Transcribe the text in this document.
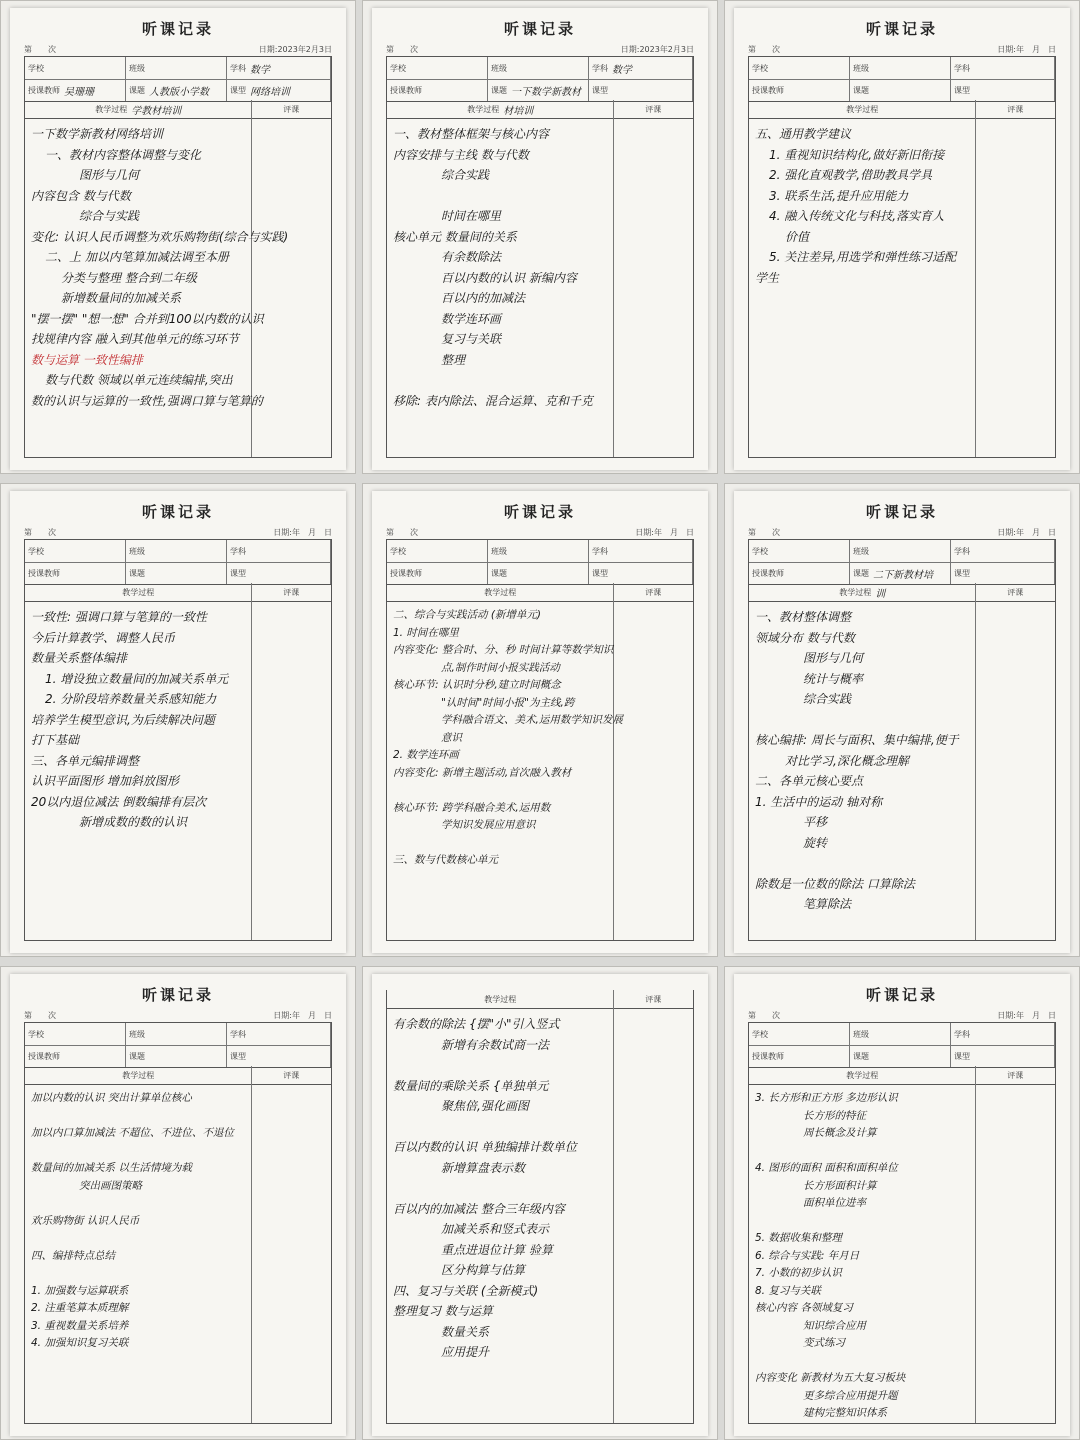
听课记录
第　　次	日期:2023年2月3日
学校	班级	学科 数学
授课教师 吴珊珊	课题 人教版小学数	课型 网络培训
教学过程 学教材培训	评课
一下数学新教材网络培训
一、教材内容整体调整与变化
图形与几何
内容包含 数与代数
综合与实践
变化: 认识人民币调整为欢乐购物街(综合与实践)
二、上 加以内笔算加减法调至本册
分类与整理 整合到二年级
新增数量间的加减关系
"摆一摆" "想一想" 合并到100以内数的认识
找规律内容 融入到其他单元的练习环节
数与运算 一致性编排
数与代数 领域以单元连续编排,突出
数的认识与运算的一致性,强调口算与笔算的
听课记录
第　　次	日期:2023年2月3日
学校	班级	学科 数学
授课教师	课题 一下数学新教材 课型
教学过程 材培训	评课
一、教材整体框架与核心内容
内容安排与主线 数与代数
综合实践
时间在哪里
核心单元 数量间的关系
有余数除法
百以内数的认识 新编内容
百以内的加减法
数学连环画
复习与关联
整理
移除: 表内除法、混合运算、克和千克
听课记录
第　　次	日期:年　月　日
学校	班级	学科
授课教师	课题	课型
教学过程	评课
五、通用教学建议
1. 重视知识结构化,做好新旧衔接
2. 强化直观教学,借助教具学具
3. 联系生活,提升应用能力
4. 融入传统文化与科技,落实育人
价值
5. 关注差异,用选学和弹性练习适配
学生
听课记录
第　　次	日期:年　月　日
学校	班级	学科
授课教师	课题	课型
教学过程	评课
一致性: 强调口算与笔算的一致性
今后计算教学、调整人民币
数量关系整体编排
1. 增设独立数量间的加减关系单元
2. 分阶段培养数量关系感知能力
培养学生模型意识,为后续解决问题
打下基础
三、各单元编排调整
认识平面图形 增加斜放图形
20以内退位减法 倒数编排有层次
新增成数的数的认识
听课记录
第　　次	日期:年　月　日
学校	班级	学科
授课教师	课题	课型
教学过程	评课
二、综合与实践活动 (新增单元)
1. 时间在哪里
内容变化: 整合时、分、秒 时间计算等数学知识
点,制作时间小报实践活动
核心环节: 认识时分秒,建立时间概念
"认时间"时间小报"为主线,跨
学科融合语文、美术,运用数学知识发展
意识
2. 数学连环画
内容变化: 新增主题活动,首次融入教材
核心环节: 跨学科融合美术,运用数
学知识发展应用意识
三、数与代数核心单元
听课记录
第　　次	日期:年　月　日
学校	班级	学科
授课教师	课题 二下新教材培	课型
教学过程 训	评课
一、教材整体调整
领域分布 数与代数
图形与几何
统计与概率
综合实践
核心编排: 周长与面积、集中编排,便于
对比学习,深化概念理解
二、各单元核心要点
1. 生活中的运动 轴对称
平移
旋转
除数是一位数的除法 口算除法
笔算除法
听课记录
第　　次	日期:年　月　日
学校	班级	学科
授课教师	课题	课型
教学过程	评课
加以内数的认识 突出计算单位核心
加以内口算加减法 不超位、不进位、不退位
数量间的加减关系 以生活情境为载
突出画图策略
欢乐购物街 认识人民币
四、编排特点总结
1. 加强数与运算联系
2. 注重笔算本质理解
3. 重视数量关系培养
4. 加强知识复习关联
教学过程	评课
有余数的除法 {摆"小"引入竖式
新增有余数试商一法
数量间的乘除关系 {单独单元
聚焦倍,强化画图
百以内数的认识 单独编排计数单位
新增算盘表示数
百以内的加减法 整合三年级内容
加减关系和竖式表示
重点进退位计算 验算
区分构算与估算
四、复习与关联 (全新模式)
整理复习 数与运算
数量关系
应用提升
听课记录
第　　次	日期:年　月　日
学校	班级	学科
授课教师	课题	课型
教学过程	评课
3. 长方形和正方形 多边形认识
长方形的特征
周长概念及计算
4. 图形的面积 面积和面积单位
长方形面积计算
面积单位进率
5. 数据收集和整理
6. 综合与实践: 年月日
7. 小数的初步认识
8. 复习与关联
核心内容 各领域复习
知识综合应用
变式练习
内容变化 新教材为五大复习板块
更多综合应用提升题
建构完整知识体系
